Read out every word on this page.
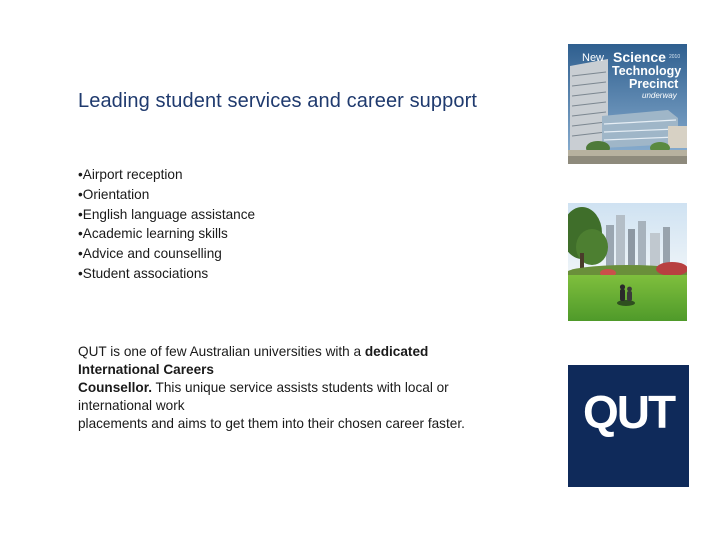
Leading student services and career support
• Airport reception
• Orientation
• English language assistance
• Academic learning skills
• Advice and counselling
• Student associations
QUT is one of few Australian universities with a dedicated
International Careers
Counsellor. This unique service assists students with local or
international work
placements and aims to get them into their chosen career faster.
New Science 2010
Technology
Precinct
underway
QUT
